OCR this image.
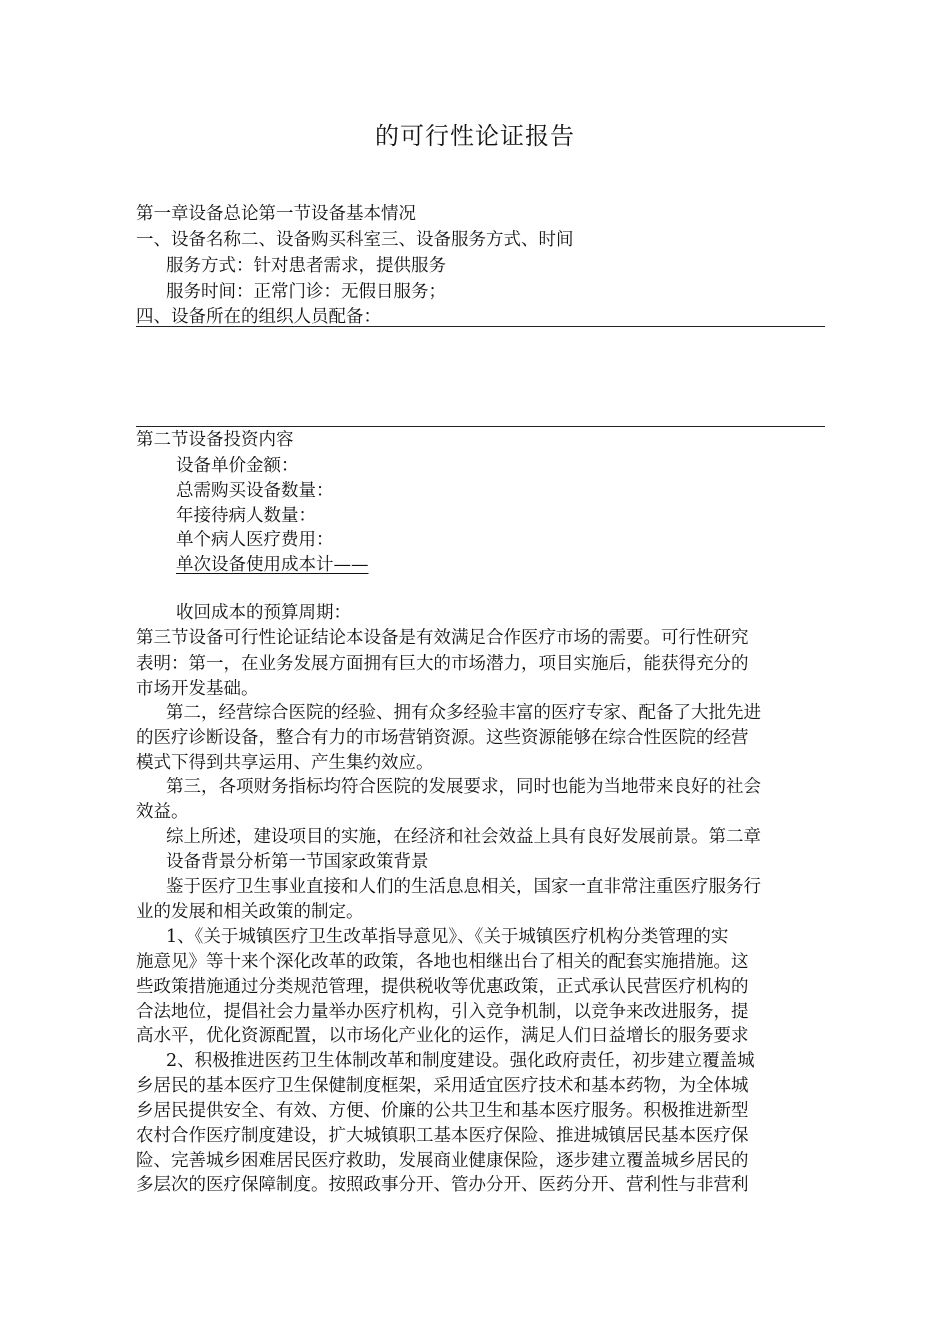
的可行性论证报告
第一章设备总论第一节设备基本情况
一、设备名称二、设备购买科室三、设备服务方式、时间
服务方式：针对患者需求，提供服务
服务时间：正常门诊：无假日服务；
四、设备所在的组织人员配备：
第二节设备投资内容
设备单价金额：
总需购买设备数量：
年接待病人数量：
单个病人医疗费用：
单次设备使用成本计——
收回成本的预算周期：
第三节设备可行性论证结论本设备是有效满足合作医疗市场的需要。可行性研究
表明：第一，在业务发展方面拥有巨大的市场潜力，项目实施后，能获得充分的
市场开发基础。
第二，经营综合医院的经验、拥有众多经验丰富的医疗专家、配备了大批先进
的医疗诊断设备，整合有力的市场营销资源。这些资源能够在综合性医院的经营
模式下得到共享运用、产生集约效应。
第三，各项财务指标均符合医院的发展要求，同时也能为当地带来良好的社会
效益。
综上所述，建设项目的实施，在经济和社会效益上具有良好发展前景。第二章
设备背景分析第一节国家政策背景
鉴于医疗卫生事业直接和人们的生活息息相关，国家一直非常注重医疗服务行
业的发展和相关政策的制定。
1、《关于城镇医疗卫生改革指导意见》、《关于城镇医疗机构分类管理的实
施意见》等十来个深化改革的政策，各地也相继出台了相关的配套实施措施。这
些政策措施通过分类规范管理，提供税收等优惠政策，正式承认民营医疗机构的
合法地位，提倡社会力量举办医疗机构，引入竞争机制，以竞争来改进服务，提
高水平，优化资源配置，以市场化产业化的运作，满足人们日益增长的服务要求
2、积极推进医药卫生体制改革和制度建设。强化政府责任，初步建立覆盖城
乡居民的基本医疗卫生保健制度框架，采用适宜医疗技术和基本药物，为全体城
乡居民提供安全、有效、方便、价廉的公共卫生和基本医疗服务。积极推进新型
农村合作医疗制度建设，扩大城镇职工基本医疗保险、推进城镇居民基本医疗保
险、完善城乡困难居民医疗救助，发展商业健康保险，逐步建立覆盖城乡居民的
多层次的医疗保障制度。按照政事分开、管办分开、医药分开、营利性与非营利
